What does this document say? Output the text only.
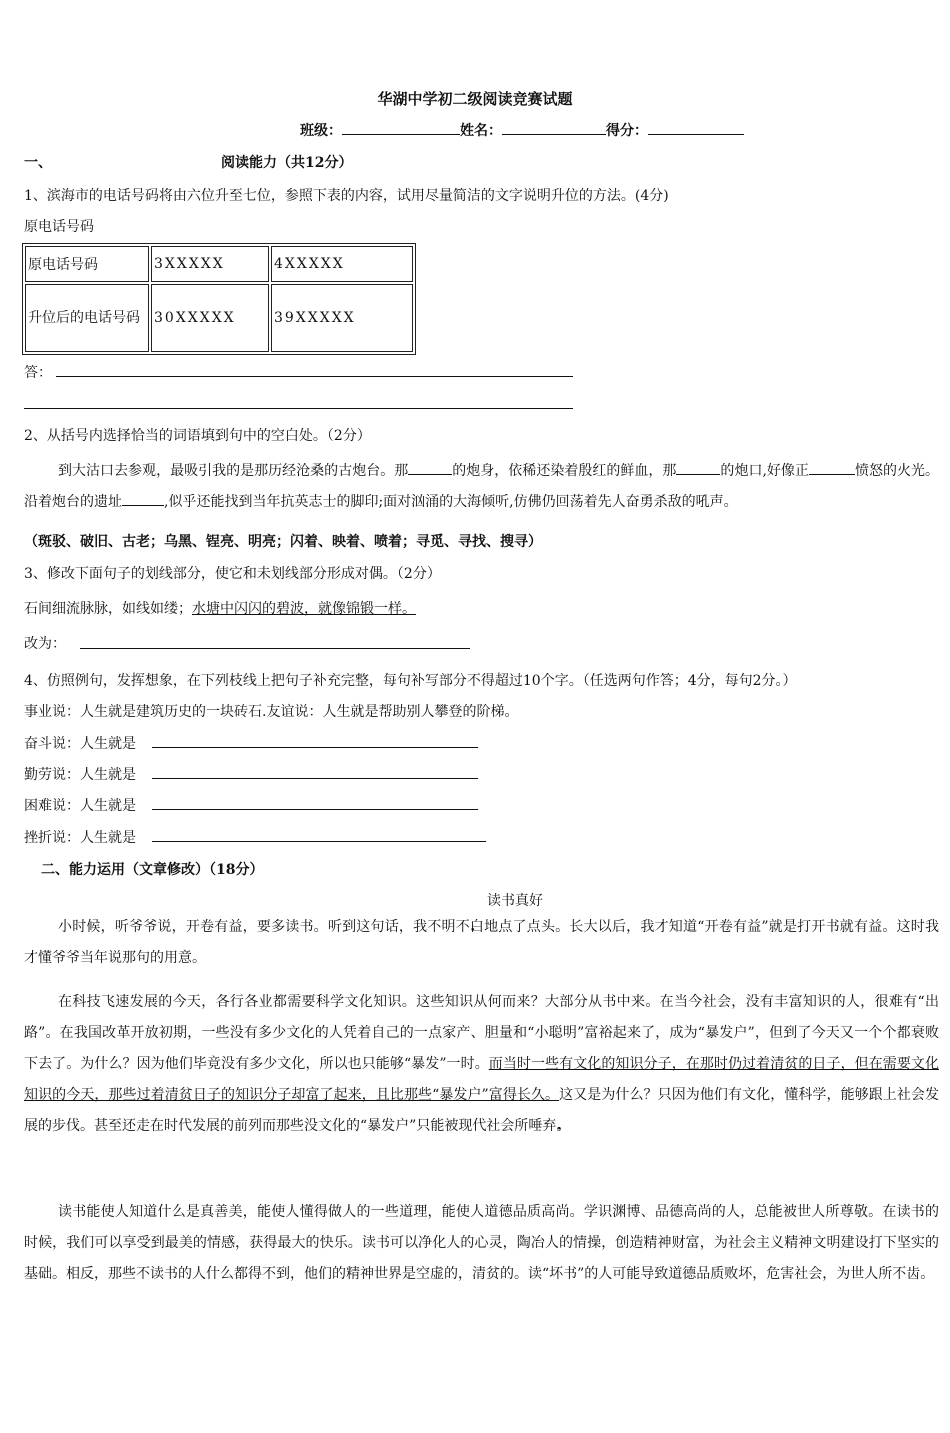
华湖中学初二级阅读竞赛试题
班级：	姓名：	得分：
一、	阅读能力（共12分）
1、滨海市的电话号码将由六位升至七位，参照下表的内容，试用尽量简洁的文字说明升位的方法。(4分)
原电话号码
原电话号码	3XXXXX	4XXXXX
升位后的电话号码	30XXXXX	39XXXXX
答：
2、从括号内选择恰当的词语填到句中的空白处。（2分）
到大沽口去参观，最吸引我的是那历经沧桑的古炮台。那	的炮身，依稀还染着殷红的鲜血，那	的炮口,好像正	愤怒的火光。沿着炮台的遗址	,似乎还能找到当年抗英志士的脚印;面对汹涌的大海倾听,仿佛仍回荡着先人奋勇杀敌的吼声。
（斑驳、破旧、古老；乌黑、锃亮、明亮；闪着、映着、喷着；寻觅、寻找、搜寻）
3、修改下面句子的划线部分，使它和未划线部分形成对偶。（2分）
石间细流脉脉，如线如缕；水塘中闪闪的碧波，就像锦锻一样。
改为：
4、仿照例句，发挥想象，在下列枝线上把句子补充完整，每句补写部分不得超过10个字。（任选两句作答；4分，每句2分。）
事业说：人生就是建筑历史的一块砖石.友谊说：人生就是帮助别人攀登的阶梯。
奋斗说：人生就是
勤劳说：人生就是
困难说：人生就是
挫折说：人生就是
二、能力运用（文章修改）（18分）
读书真好
小时候，听爷爷说，开卷有益，要多读书。听到这句话，我不明不白 ·地点了点头。长大以后，我才知道“开卷有益”就是打开书就有益。这时我才懂爷爷当年说那句的用意。
在科技飞速发展的今天，各行各业都需要科学文化知识。这些知识从何而来？大部分从书中来。在当今社会，没有丰富知识的人，很难有“出路”。在我国改革开放初期，一些没有多少文化的人凭着自己的一点家产、胆量和“小聪明”富裕起来了，成为“暴发户”，但到了今天又一个个都衰败下去了。为什么？因为他们毕竟没有多少文化，所以也只能够“暴发”一时。而当时一些有文化的知识分子，在那时仍过着清贫的日子，但在需要文化知识的今天，那些过着清贫日子的知识分子却富了起来，且比那些“暴发户”富得长久。这又是为什么？只因为他们有文化，懂科学，能够跟上社会发展的步伐。甚至还走在时代发展的前列而那些没文化的“暴发户”只能被现代社会所唾弃 ·。
读书能使人知道什么是真善美，能使人懂得做人的一些道理，能使人道德品质高尚。学识渊博、品德高尚的人，总能被世人所尊敬。在读书的时候，我们可以享受到最美的情感，获得最大的快乐。读书可以净化人的心灵，陶冶人的情操，创造精神财富，为社会主义精神文明建设打下坚实的基础。相反，那些不读书的人什么都得不到，他们的精神世界是空虚的，清贫的。读“坏书”的人可能导致道德品质败坏，危害社会，为世人所不齿。
